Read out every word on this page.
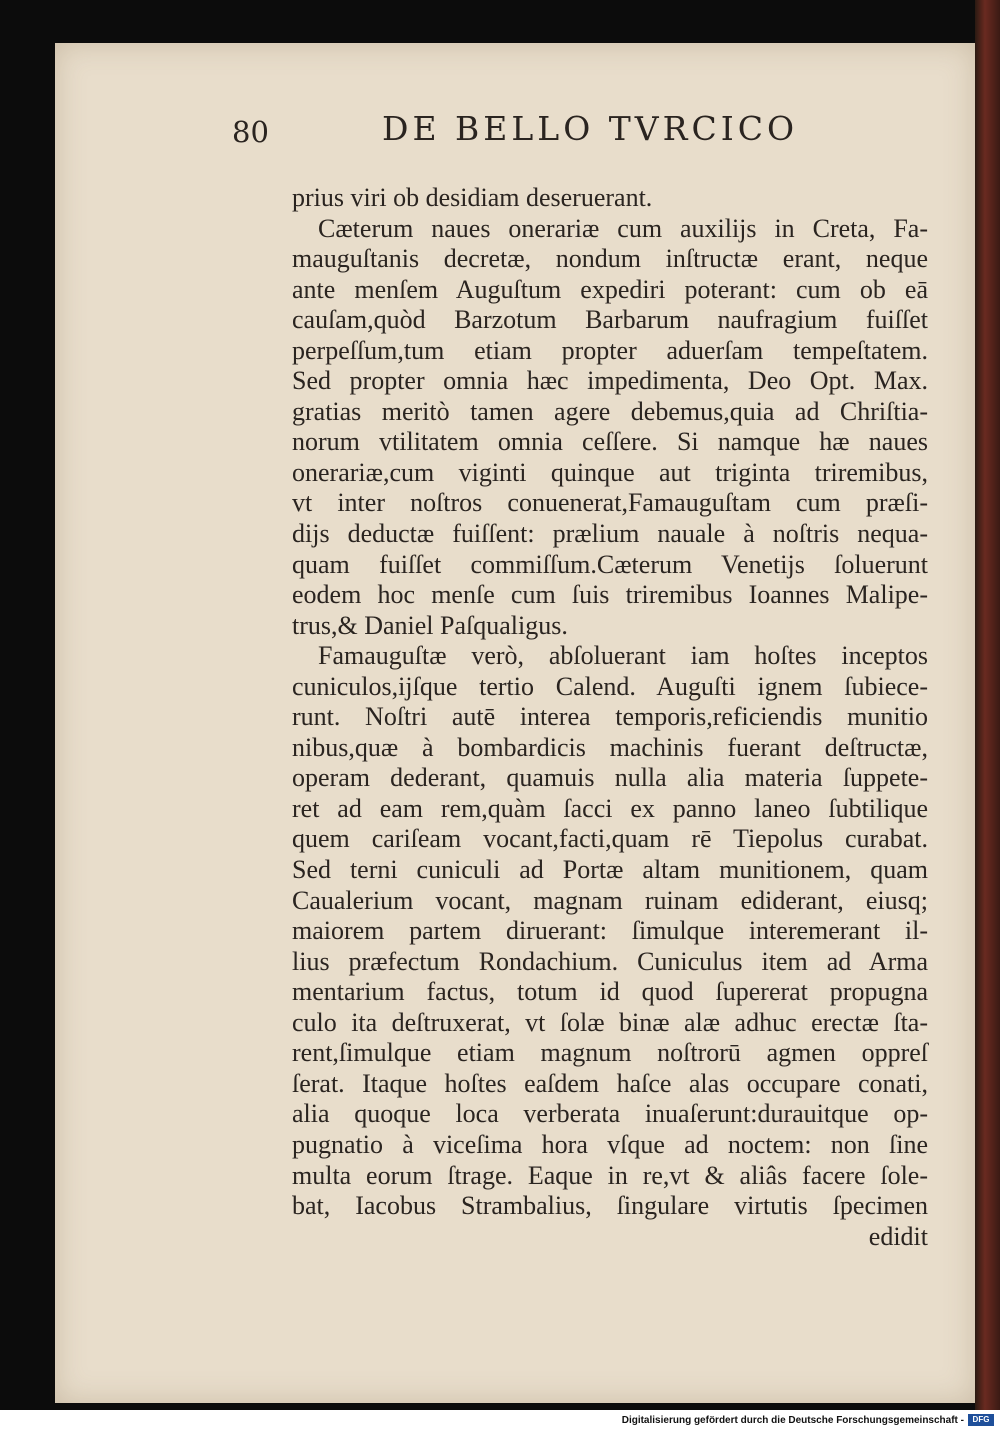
80	DE BELLO TVRCICO
prius viri ob desidiam deseruerant.
Cæterum naues onerariæ cum auxilijs in Creta, Fa-
mauguſtanis decretæ, nondum inſtructæ erant, neque
ante menſem Auguſtum expediri poterant: cum ob eā
cauſam,quòd Barzotum Barbarum naufragium fuiſſet
perpeſſum,tum etiam propter aduerſam tempeſtatem.
Sed propter omnia hæc impedimenta, Deo Opt. Max.
gratias meritò tamen agere debemus,quia ad Chriſtia-
norum vtilitatem omnia ceſſere. Si namque hæ naues
onerariæ,cum viginti quinque aut triginta triremibus,
vt inter noſtros conuenerat,Famauguſtam cum præſi-
dijs deductæ fuiſſent: prælium nauale à noſtris nequa-
quam fuiſſet commiſſum.Cæterum Venetijs ſoluerunt
eodem hoc menſe cum ſuis triremibus Ioannes Malipe-
trus,& Daniel Paſqualigus.
Famauguſtæ verò, abſoluerant iam hoſtes inceptos
cuniculos,ijſque tertio Calend. Auguſti ignem ſubiece-
runt. Noſtri autē interea temporis,reficiendis munitio
nibus,quæ à bombardicis machinis fuerant deſtructæ,
operam dederant, quamuis nulla alia materia ſuppete-
ret ad eam rem,quàm ſacci ex panno laneo ſubtilique
quem cariſeam vocant,facti,quam rē Tiepolus curabat.
Sed terni cuniculi ad Portæ altam munitionem, quam
Caualerium vocant, magnam ruinam ediderant, eiusq;
maiorem partem diruerant: ſimulque interemerant il-
lius præfectum Rondachium. Cuniculus item ad Arma
mentarium factus, totum id quod ſupererat propugna
culo ita deſtruxerat, vt ſolæ binæ alæ adhuc erectæ ſta-
rent,ſimulque etiam magnum noſtrorū agmen oppreſ
ſerat. Itaque hoſtes eaſdem haſce alas occupare conati,
alia quoque loca verberata inuaſerunt:durauitque op-
pugnatio à viceſima hora vſque ad noctem: non ſine
multa eorum ſtrage. Eaque in re,vt & aliâs facere ſole-
bat, Iacobus Strambalius, ſingulare virtutis ſpecimen
edidit
Digitalisierung gefördert durch die Deutsche Forschungsgemeinschaft -	DFG
